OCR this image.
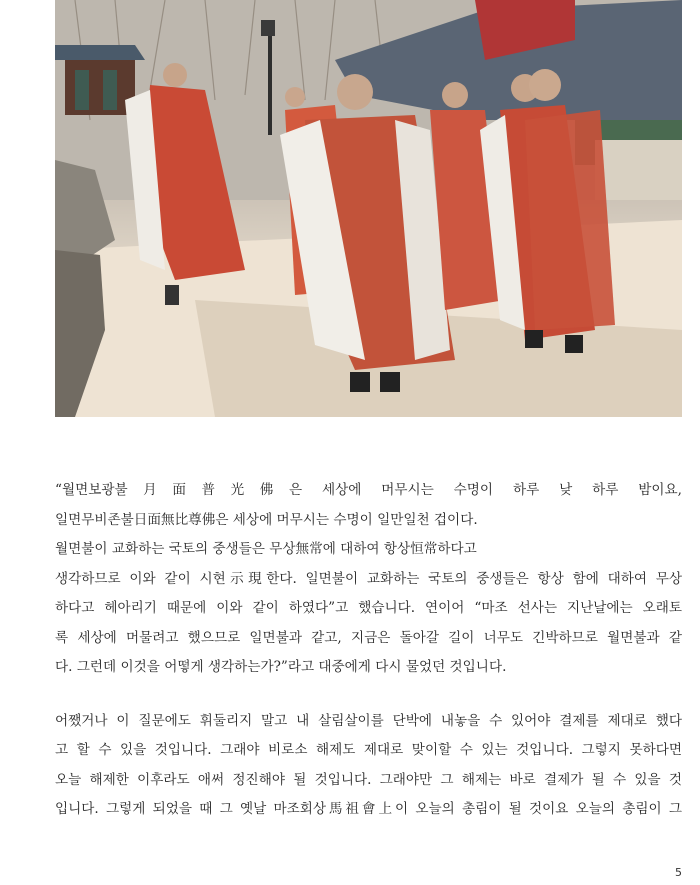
“월면보광불月面普光佛은 세상에 머무시는 수명이 하루 낮 하루 밤이요,
일면무비존불日面無比尊佛은 세상에 머무시는 수명이 일만일천 겁이다.
월면불이 교화하는 국토의 중생들은 무상無常에 대하여 항상恒常하다고
생각하므로 이와 같이 시현示現한다. 일면불이 교화하는 국토의 중생들은 항상 함에 대하여 무상
하다고 헤아리기 때문에 이와 같이 하였다”고 했습니다. 연이어 “마조 선사는 지난날에는 오래토
록 세상에 머물려고 했으므로 일면불과 같고, 지금은 돌아갈 길이 너무도 긴박하므로 월면불과 같
다. 그런데 이것을 어떻게 생각하는가?”라고 대중에게 다시 물었던 것입니다.
어쨌거나 이 질문에도 휘둘리지 말고 내 살림살이를 단박에 내놓을 수 있어야 결제를 제대로 했다
고 할 수 있을 것입니다. 그래야 비로소 해제도 제대로 맞이할 수 있는 것입니다. 그렇지 못하다면
오늘 해제한 이후라도 애써 정진해야 될 것입니다. 그래야만 그 해제는 바로 결제가 될 수 있을 것
입니다. 그렇게 되었을 때 그 옛날 마조회상馬祖會上이 오늘의 총림이 될 것이요 오늘의 총림이 그
5
